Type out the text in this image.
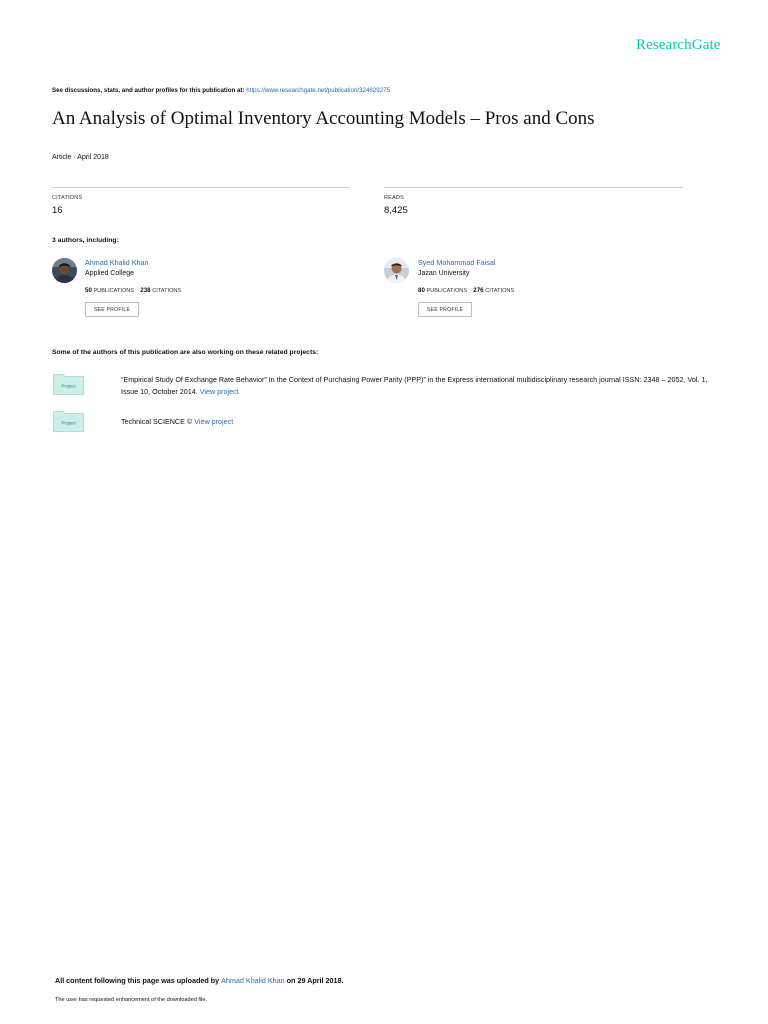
ResearchGate
See discussions, stats, and author profiles for this publication at: https://www.researchgate.net/publication/324829275
An Analysis of Optimal Inventory Accounting Models – Pros and Cons
Article · April 2018
CITATIONS
16
READS
8,425
3 authors, including:
Ahmad Khalid Khan
Applied College
50 PUBLICATIONS 238 CITATIONS
SEE PROFILE
Syed Mohammad Faisal
Jazan University
80 PUBLICATIONS 276 CITATIONS
SEE PROFILE
Some of the authors of this publication are also working on these related projects:
Project
“Empirical Study Of Exchange Rate Behavior” In the Context of Purchasing Power Parity (PPP)” in the Express international multidisciplinary research journal ISSN: 2348 – 2052, Vol. 1, Issue 10, October 2014. View project
Project	Technical SCIENCE © View project
All content following this page was uploaded by Ahmad Khalid Khan on 29 April 2018.
The user has requested enhancement of the downloaded file.
